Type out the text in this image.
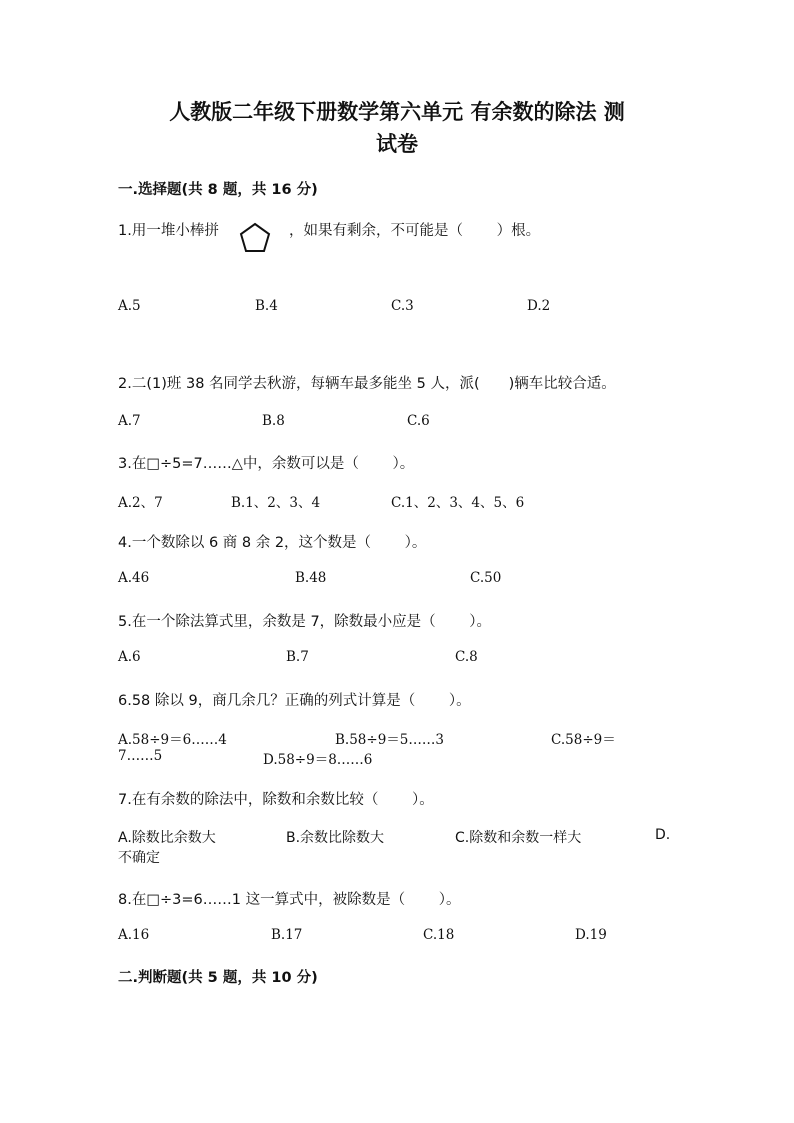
人教版二年级下册数学第六单元 有余数的除法 测
试卷
一.选择题(共 8 题，共 16 分)
1.用一堆小棒拼	，如果有剩余，不可能是（　　 ）根。
A.5	B.4	C.3	D.2
2.二(1)班 38 名同学去秋游，每辆车最多能坐 5 人，派(　　)辆车比较合适。
A.7	B.8	C.6
3.在□÷5=7……△中，余数可以是（　　 ）。
A.2、7	B.1、2、3、4	C.1、2、3、4、5、6
4.一个数除以 6 商 8 余 2，这个数是（　　 ）。
A.46	B.48	C.50
5.在一个除法算式里，余数是 7，除数最小应是（　　 ）。
A.6	B.7	C.8
6.58 除以 9，商几余几？正确的列式计算是（　　 ）。
A.58÷9＝6……4	B.58÷9＝5……3	C.58÷9＝
7……5	D.58÷9＝8……6
7.在有余数的除法中，除数和余数比较（　　 ）。
A.除数比余数大	B.余数比除数大	C.除数和余数一样大	D.
不确定
8.在□÷3=6……1 这一算式中，被除数是（　　 ）。
A.16	B.17	C.18	D.19
二.判断题(共 5 题，共 10 分)
